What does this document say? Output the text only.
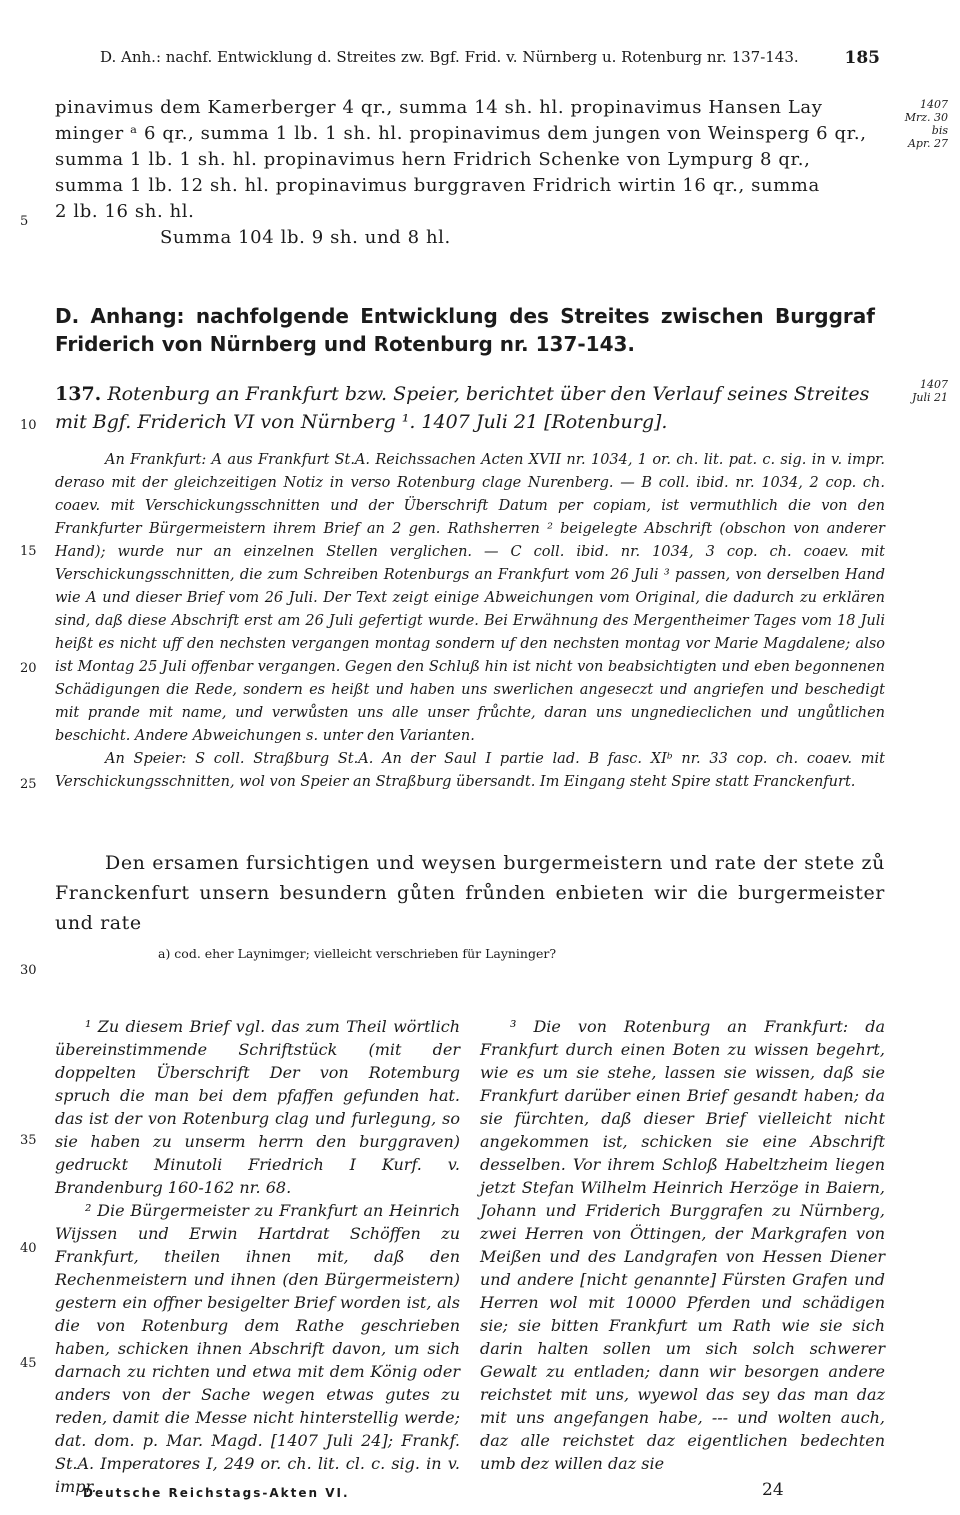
D. Anh.: nachf. Entwicklung d. Streites zw. Bgf. Frid. v. Nürnberg u. Rotenburg nr. 137-143.	185
1407
Mrz. 30
bis
Apr. 27
pinavimus dem Kamerberger 4 qr., summa 14 sh. hl. propinavimus Hansen Lay
minger ᵃ 6 qr., summa 1 lb. 1 sh. hl. propinavimus dem jungen von Weinsperg 6 qr.,
summa 1 lb. 1 sh. hl. propinavimus hern Fridrich Schenke von Lympurg 8 qr.,
summa 1 lb. 12 sh. hl. propinavimus burggraven Fridrich wirtin 16 qr., summa
2 lb. 16 sh. hl.
Summa 104 lb. 9 sh. und 8 hl.
5
10
15
20
25
30
35
40
45
D. Anhang: nachfolgende Entwicklung des Streites zwischen Burggraf Friderich von Nürnberg und Rotenburg nr. 137-143.
137. Rotenburg an Frankfurt bzw. Speier, berichtet über den Verlauf seines Streites mit Bgf. Friderich VI von Nürnberg ¹. 1407 Juli 21 [Rotenburg].
1407
Juli 21

An Frankfurt: A aus Frankfurt St.A. Reichssachen Acten XVII nr. 1034, 1 or. ch. lit. pat. c. sig. in v. impr. deraso mit der gleichzeitigen Notiz in verso Rotenburg clage Nurenberg. — B coll. ibid. nr. 1034, 2 cop. ch. coaev. mit Verschickungsschnitten und der Überschrift Datum per copiam, ist vermuthlich die von den Frankfurter Bürgermeistern ihrem Brief an 2 gen. Rathsherren ² beigelegte Abschrift (obschon von anderer Hand); wurde nur an einzelnen Stellen verglichen. — C coll. ibid. nr. 1034, 3 cop. ch. coaev. mit Verschickungsschnitten, die zum Schreiben Rotenburgs an Frankfurt vom 26 Juli ³ passen, von derselben Hand wie A und dieser Brief vom 26 Juli. Der Text zeigt einige Abweichungen vom Original, die dadurch zu erklären sind, daß diese Abschrift erst am 26 Juli gefertigt wurde. Bei Erwähnung des Mergentheimer Tages vom 18 Juli heißt es nicht uff den nechsten vergangen montag sondern uf den nechsten montag vor Marie Magdalene; also ist Montag 25 Juli offenbar vergangen. Gegen den Schluß hin ist nicht von beabsichtigten und eben begonnenen Schädigungen die Rede, sondern es heißt und haben uns swerlichen angeseczt und angriefen und beschedigt mit prande mit name, und verwůsten uns alle unser frůchte, daran uns ungnedieclichen und ungůtlichen beschicht. Andere Abweichungen s. unter den Varianten.

An Speier: S coll. Straßburg St.A. An der Saul I partie lad. B fasc. XIᵇ nr. 33 cop. ch. coaev. mit Verschickungsschnitten, wol von Speier an Straßburg übersandt. Im Eingang steht Spire statt Franckenfurt.

Den ersamen fursichtigen und weysen burgermeistern und rate der stete zů Franckenfurt unsern besundern gůten frůnden enbieten wir die burgermeister und rate

a) cod. eher Laynimger; vielleicht verschrieben für Layninger?

¹ Zu diesem Brief vgl. das zum Theil wörtlich übereinstimmende Schriftstück (mit der doppelten Überschrift Der von Rotemburg spruch die man bei dem pfaffen gefunden hat. das ist der von Rotenburg clag und furlegung, so sie haben zu unserm herrn den burggraven) gedruckt Minutoli Friedrich I Kurf. v. Brandenburg 160-162 nr. 68.

² Die Bürgermeister zu Frankfurt an Heinrich Wijssen und Erwin Hartdrat Schöffen zu Frankfurt, theilen ihnen mit, daß den Rechenmeistern und ihnen (den Bürgermeistern) gestern ein offner besigelter Brief worden ist, als die von Rotenburg dem Rathe geschrieben haben, schicken ihnen Abschrift davon, um sich darnach zu richten und etwa mit dem König oder anders von der Sache wegen etwas gutes zu reden, damit die Messe nicht hinterstellig werde; dat. dom. p. Mar. Magd. [1407 Juli 24]; Frankf. St.A. Imperatores I, 249 or. ch. lit. cl. c. sig. in v. impr.

³ Die von Rotenburg an Frankfurt: da Frankfurt durch einen Boten zu wissen begehrt, wie es um sie stehe, lassen sie wissen, daß sie Frankfurt darüber einen Brief gesandt haben; da sie fürchten, daß dieser Brief vielleicht nicht angekommen ist, schicken sie eine Abschrift desselben. Vor ihrem Schloß Habeltzheim liegen jetzt Stefan Wilhelm Heinrich Herzöge in Baiern, Johann und Friderich Burggrafen zu Nürnberg, zwei Herren von Öttingen, der Markgrafen von Meißen und des Landgrafen von Hessen Diener und andere [nicht genannte] Fürsten Grafen und Herren wol mit 10000 Pferden und schädigen sie; sie bitten Frankfurt um Rath wie sie sich darin halten sollen um sich solch schwerer Gewalt zu entladen; dann wir besorgen andere reichstet mit uns, wyewol das sey das man daz mit uns angefangen habe, --- und wolten auch, daz alle reichstet daz eigentlichen bedechten umb dez willen daz sie

Deutsche Reichstags-Akten VI.	24
